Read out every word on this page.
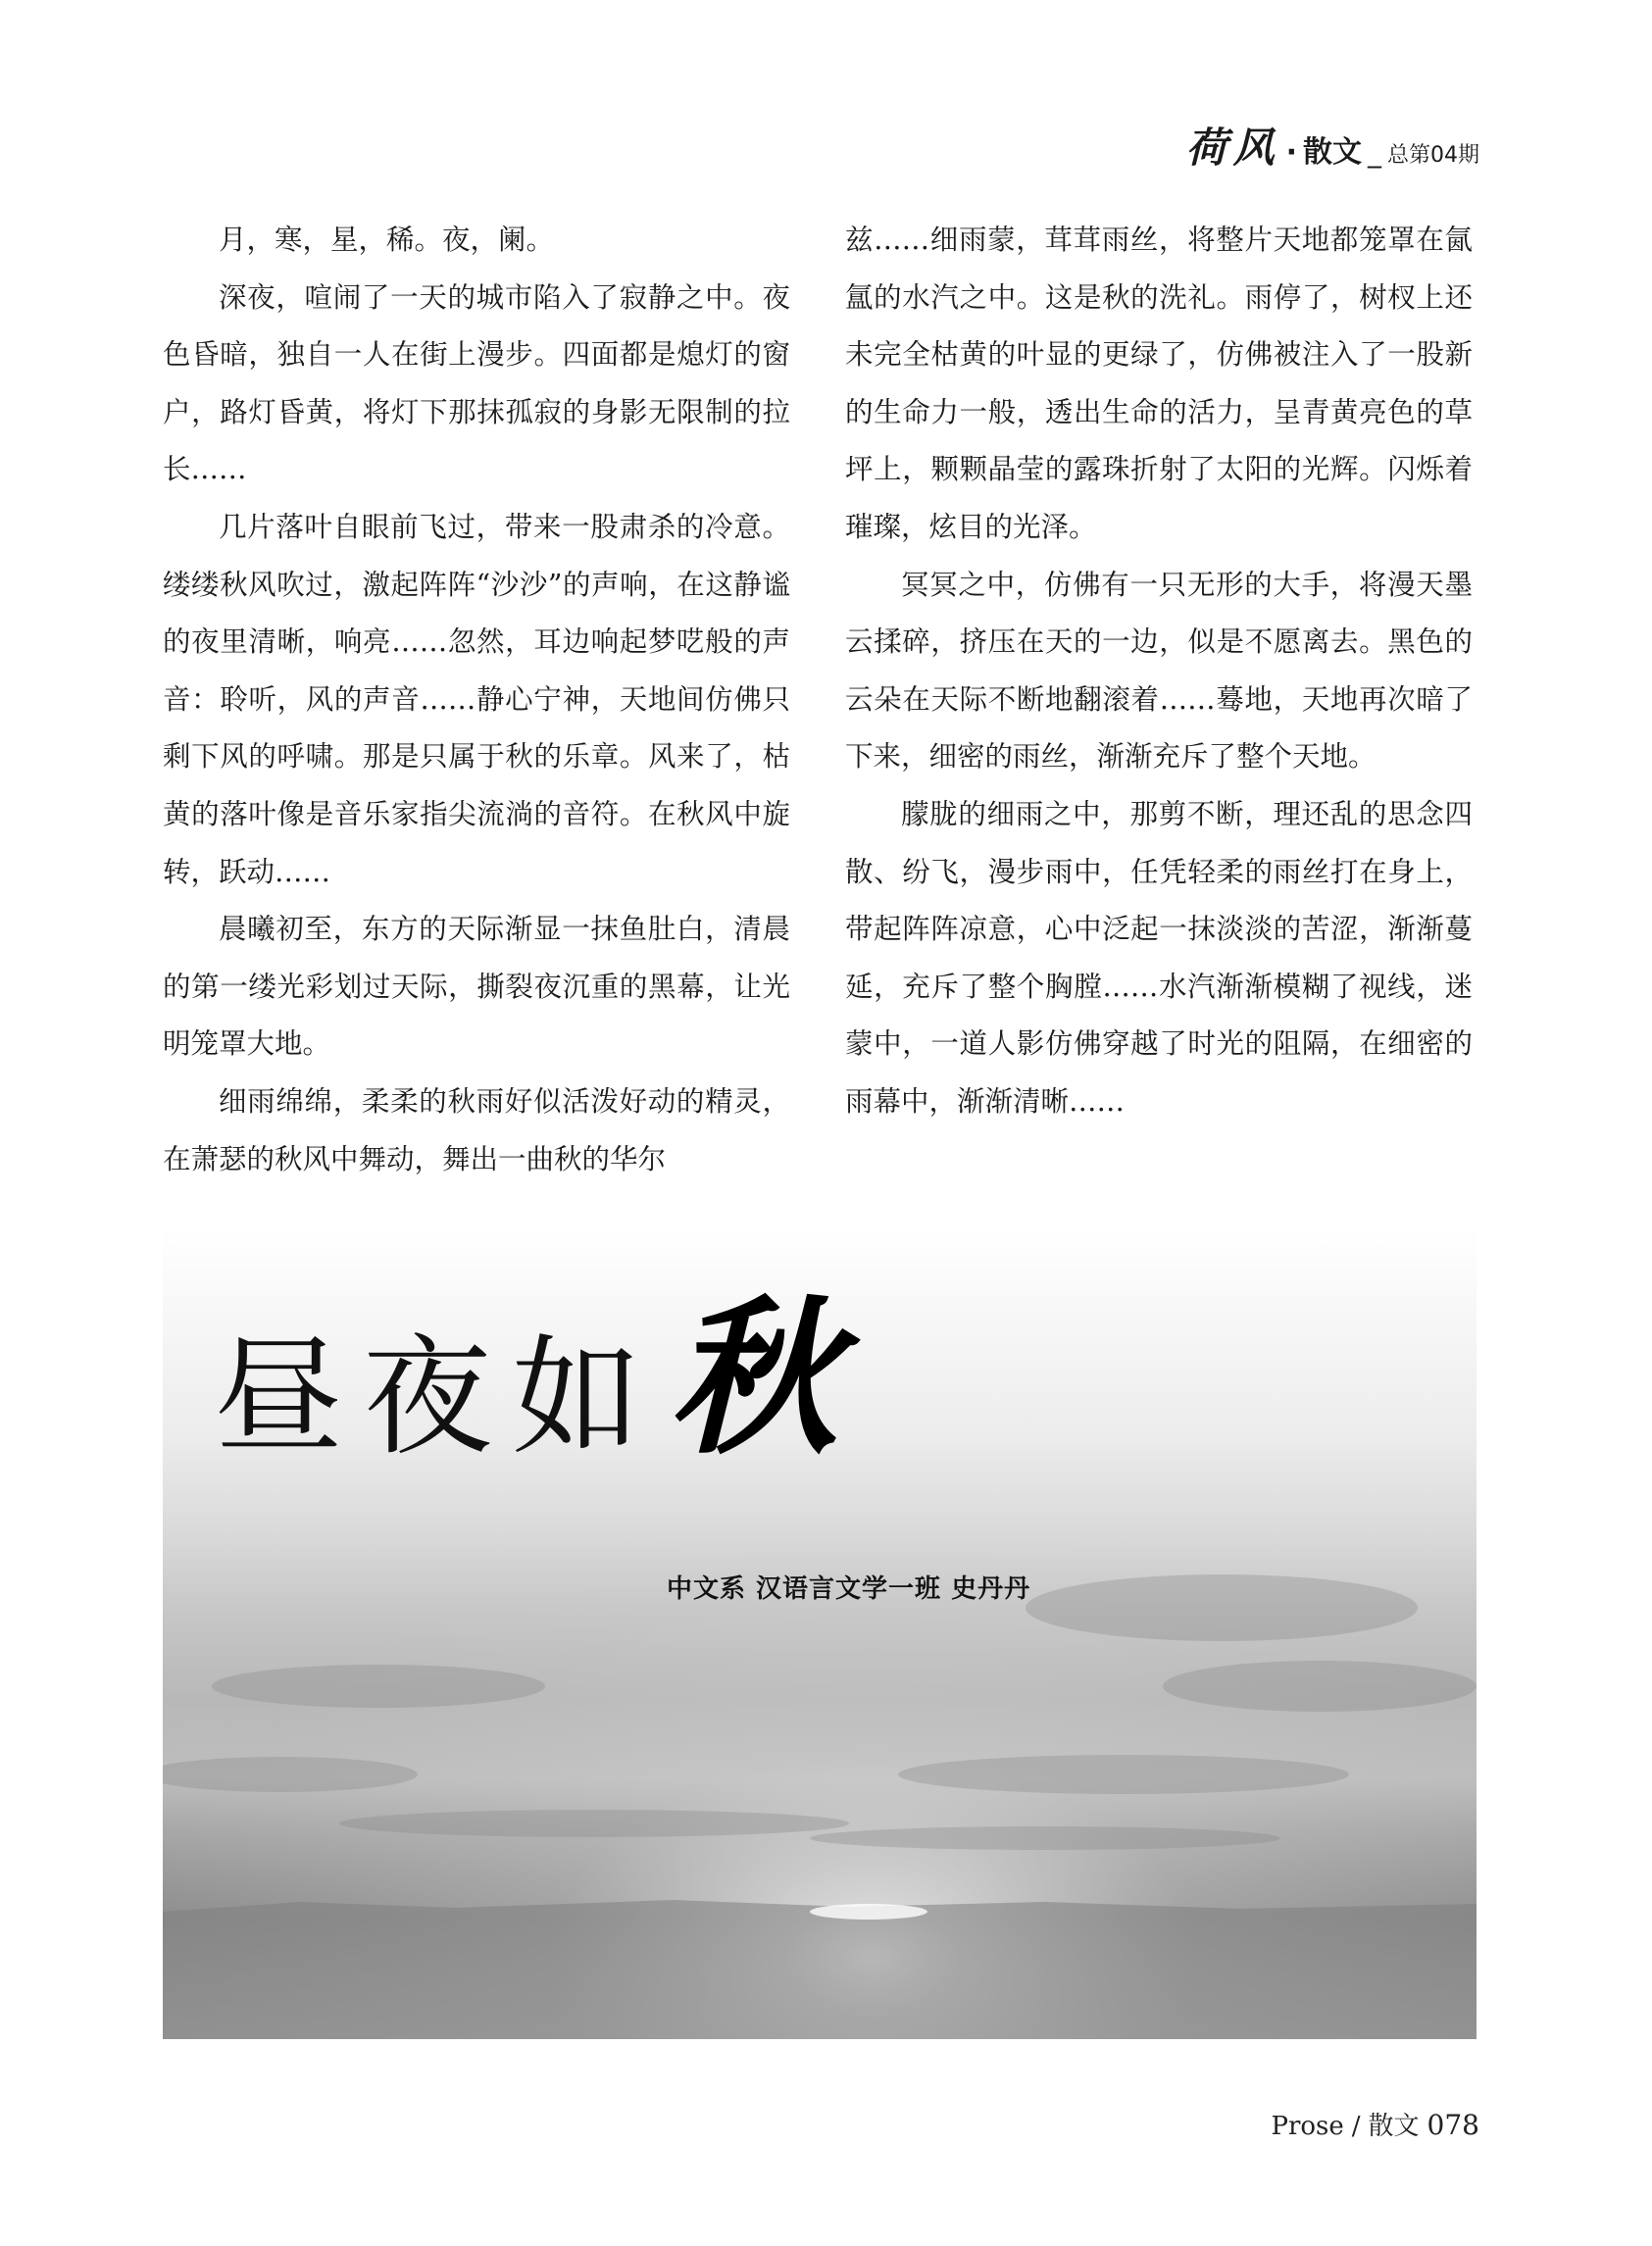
荷风 · 散文 _ 总第04期

月，寒，星，稀。夜，阑。

深夜，喧闹了一天的城市陷入了寂静之中。夜色昏暗，独自一人在街上漫步。四面都是熄灯的窗户，路灯昏黄，将灯下那抹孤寂的身影无限制的拉长……

几片落叶自眼前飞过，带来一股肃杀的冷意。缕缕秋风吹过，激起阵阵“沙沙”的声响，在这静谧的夜里清晰，响亮……忽然，耳边响起梦呓般的声音：聆听，风的声音……静心宁神，天地间仿佛只剩下风的呼啸。那是只属于秋的乐章。风来了，枯黄的落叶像是音乐家指尖流淌的音符。在秋风中旋转，跃动……

晨曦初至，东方的天际渐显一抹鱼肚白，清晨的第一缕光彩划过天际，撕裂夜沉重的黑幕，让光明笼罩大地。

细雨绵绵，柔柔的秋雨好似活泼好动的精灵，在萧瑟的秋风中舞动，舞出一曲秋的华尔

兹……细雨蒙，茸茸雨丝，将整片天地都笼罩在氤氲的水汽之中。这是秋的洗礼。雨停了，树杈上还未完全枯黄的叶显的更绿了，仿佛被注入了一股新的生命力一般，透出生命的活力，呈青黄亮色的草坪上，颗颗晶莹的露珠折射了太阳的光辉。闪烁着璀璨，炫目的光泽。

冥冥之中，仿佛有一只无形的大手，将漫天墨云揉碎，挤压在天的一边，似是不愿离去。黑色的云朵在天际不断地翻滚着……蓦地，天地再次暗了下来，细密的雨丝，渐渐充斥了整个天地。

朦胧的细雨之中，那剪不断，理还乱的思念四散、纷飞，漫步雨中，任凭轻柔的雨丝打在身上，带起阵阵凉意，心中泛起一抹淡淡的苦涩，渐渐蔓延，充斥了整个胸膛……水汽渐渐模糊了视线，迷蒙中，一道人影仿佛穿越了时光的阻隔，在细密的雨幕中，渐渐清晰……

昼夜如 秋
中文系 汉语言文学一班 史丹丹
Prose / 散文 078
